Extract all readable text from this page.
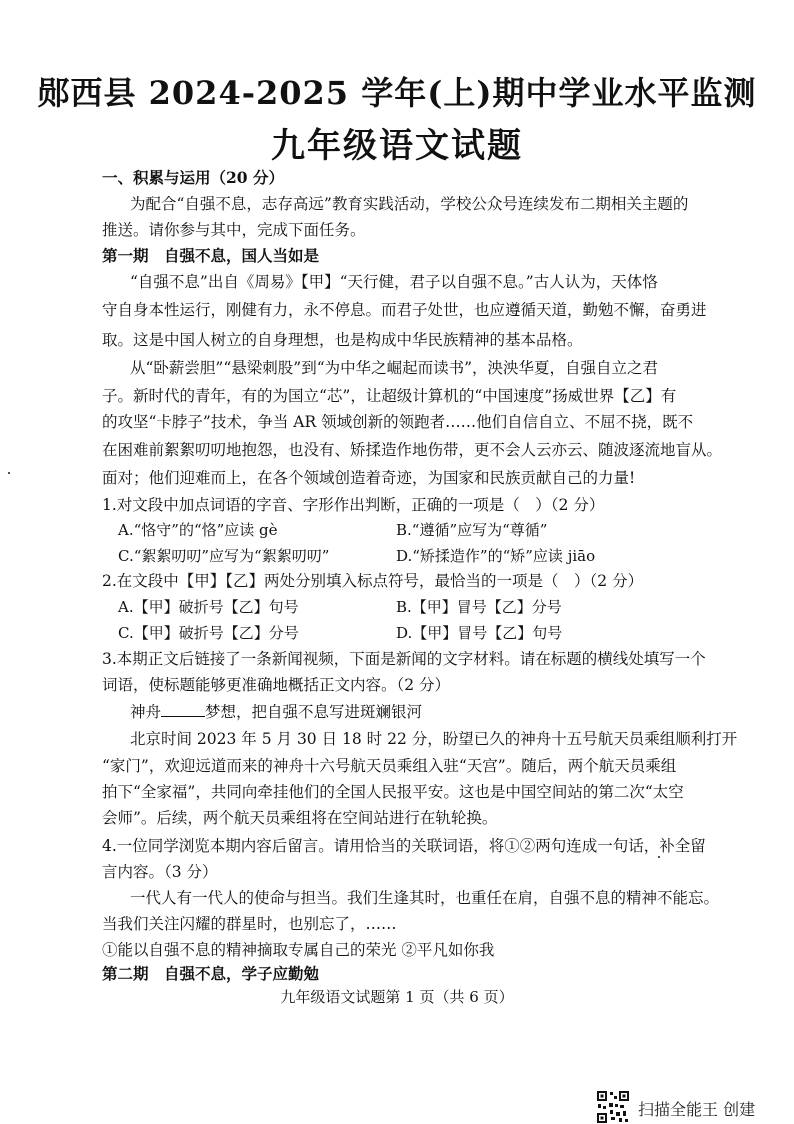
郧西县 2024-2025 学年(上)期中学业水平监测
九年级语文试题
一、积累与运用（20 分）
为配合“自强不息，志存高远”教育实践活动，学校公众号连续发布二期相关主题的
推送。请你参与其中，完成下面任务。
第一期　自强不息，国人当如是
“自强不息”出自《周易》【甲】“天行健，君子以自强不息。”古人认为，天体恪
守自身本性运行，刚健有力，永不停息。而君子处世，也应遵循天道，勤勉不懈，奋勇进
取。这是中国人树立的自身理想，也是构成中华民族精神的基本品格。
从“卧薪尝胆”“悬梁刺股”到“为中华之崛起而读书”，泱泱华夏，自强自立之君
子。新时代的青年，有的为国立“芯”，让超级计算机的“中国速度”扬威世界【乙】有
的攻坚“卡脖子”技术，争当 AR 领域创新的领跑者……他们自信自立、不屈不挠，既不
在困难前絮絮叨叨地抱怨，也没有、矫揉造作地伤带，更不会人云亦云、随波逐流地盲从。
面对；他们迎难而上，在各个领域创造着奇迹，为国家和民族贡献自己的力量!
1.对文段中加点词语的字音、字形作出判断，正确的一项是（　）（2 分）
A.“恪守”的“恪”应读 gè	B.“遵循”应写为“尊循”
C.“絮絮叨叨”应写为“絮絮叨叨”	D.“矫揉造作”的“矫”应读 jiāo
2.在文段中【甲】【乙】两处分别填入标点符号，最恰当的一项是（　）（2 分）
A.【甲】破折号【乙】句号	B.【甲】冒号【乙】分号
C.【甲】破折号【乙】分号	D.【甲】冒号【乙】句号
3.本期正文后链接了一条新闻视频，下面是新闻的文字材料。请在标题的横线处填写一个
词语，使标题能够更准确地概括正文内容。（2 分）
神舟	梦想，把自强不息写进斑斓银河
北京时间 2023 年 5 月 30 日 18 时 22 分，盼望已久的神舟十五号航天员乘组顺利打开
“家门”，欢迎远道而来的神舟十六号航天员乘组入驻“天宫”。随后，两个航天员乘组
拍下“全家福”，共同向牵挂他们的全国人民报平安。这也是中国空间站的第二次“太空
会师”。后续，两个航天员乘组将在空间站进行在轨轮换。
4.一位同学浏览本期内容后留言。请用恰当的关联词语，将①②两句连成一句话，补全留
言内容。（3 分）
一代人有一代人的使命与担当。我们生逢其时，也重任在肩，自强不息的精神不能忘。
当我们关注闪耀的群星时，也别忘了，……
①能以自强不息的精神摘取专属自己的荣光 ②平凡如你我
第二期　自强不息，学子应勤勉
九年级语文试题第 1 页（共 6 页）
扫描全能王 创建
